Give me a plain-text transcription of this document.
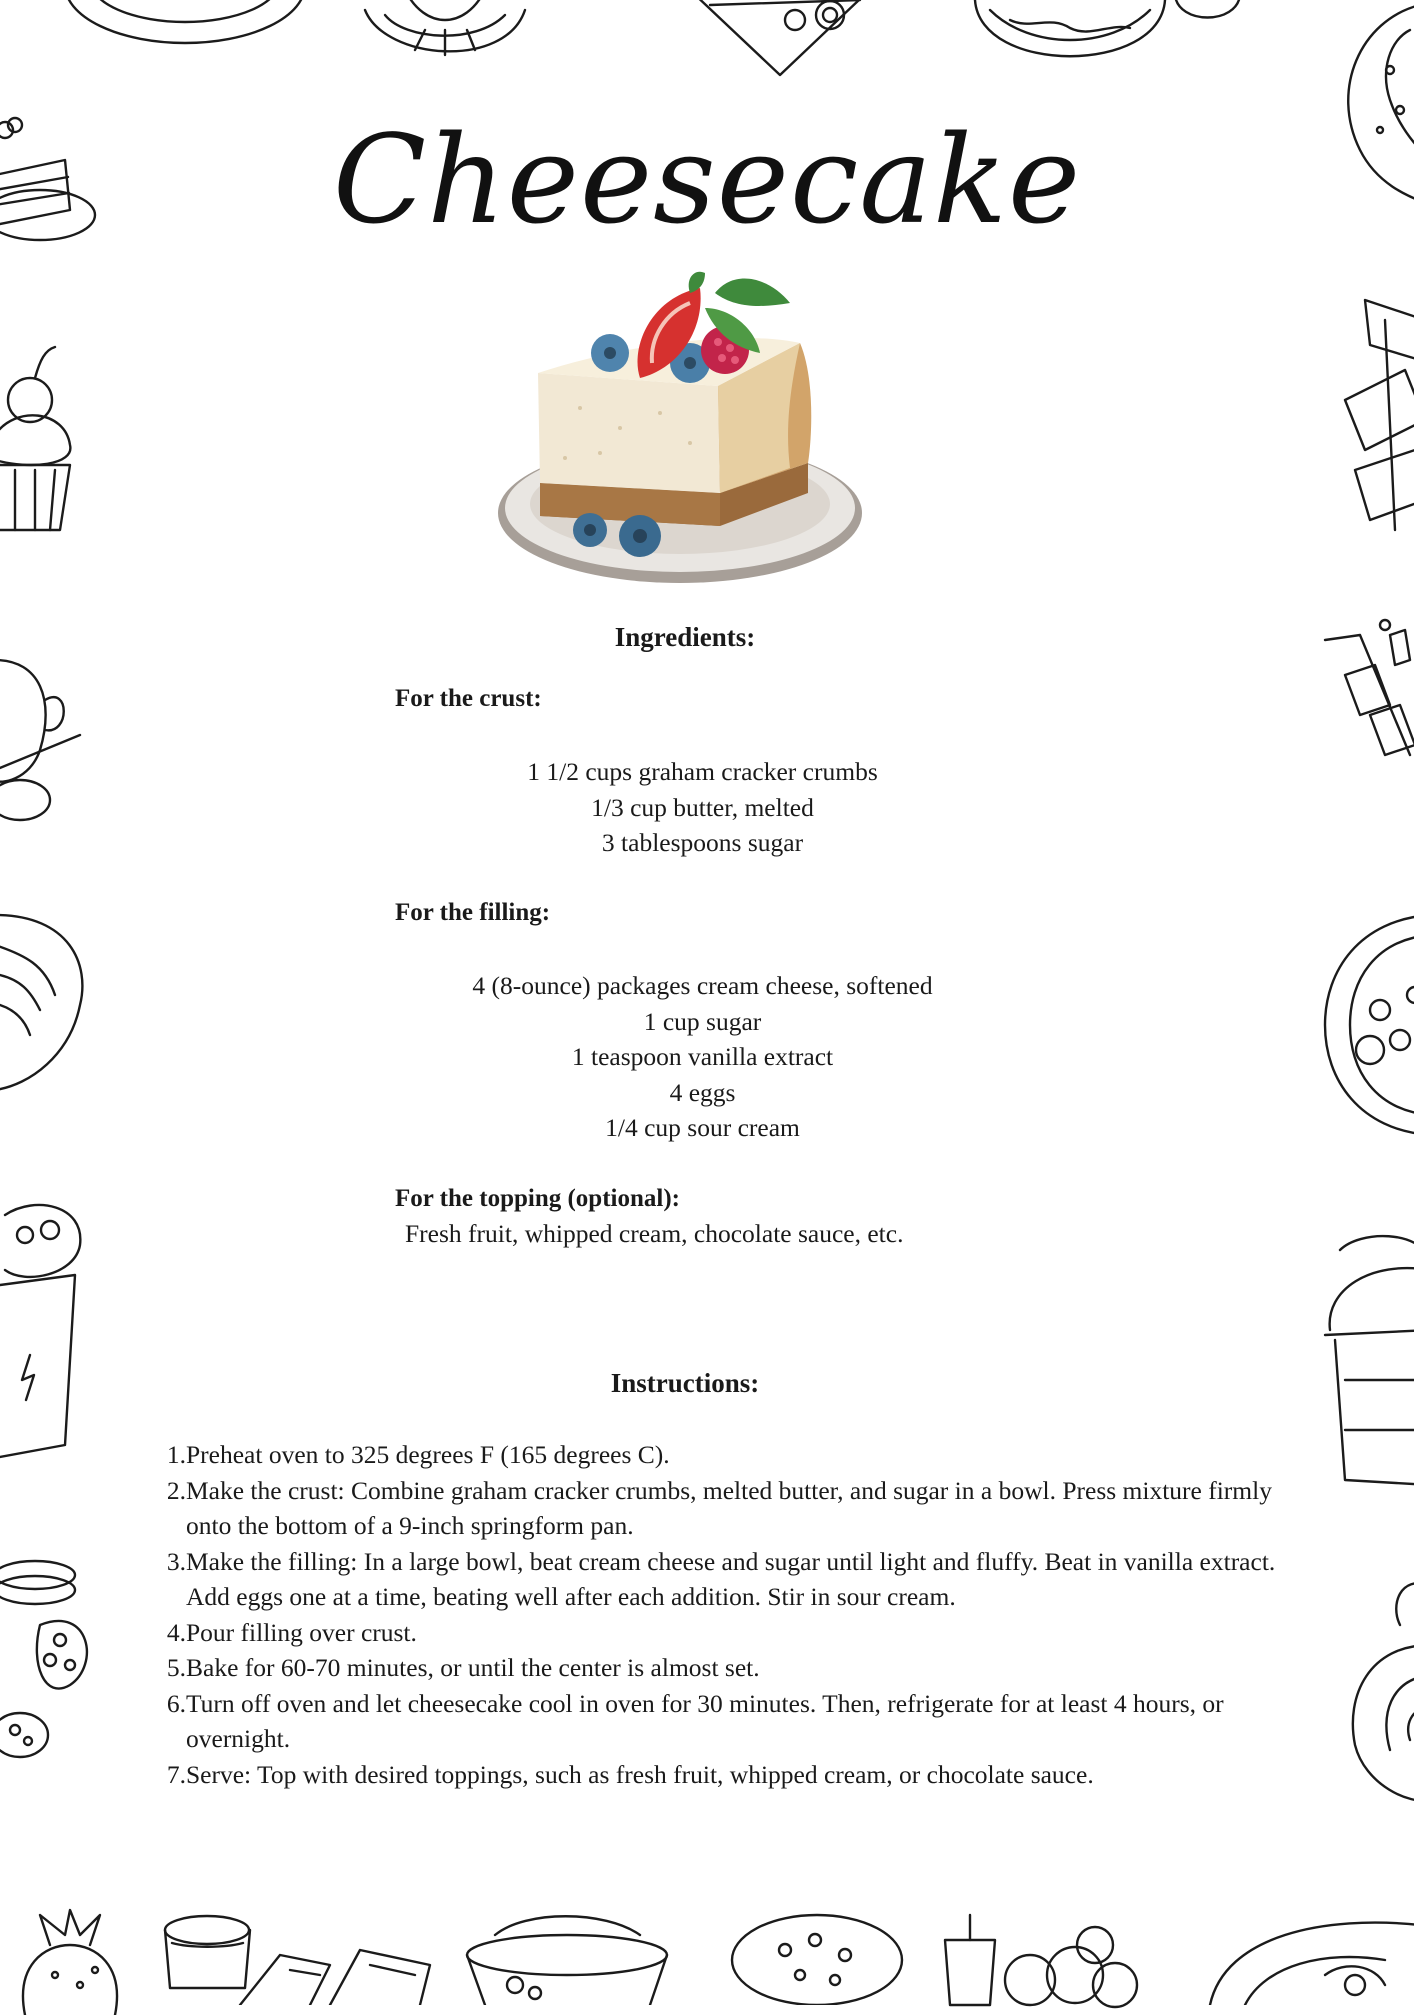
Cheesecake
Ingredients:
For the crust:
1 1/2 cups graham cracker crumbs
1/3 cup butter, melted
3 tablespoons sugar
For the filling:
4 (8-ounce) packages cream cheese, softened
1 cup sugar
1 teaspoon vanilla extract
4 eggs
1/4 cup sour cream
For the topping (optional):

Fresh fruit, whipped cream, chocolate sauce, etc.

Instructions:
1. Preheat oven to 325 degrees F (165 degrees C).
2. Make the crust: Combine graham cracker crumbs, melted butter, and sugar in a bowl. Press mixture firmly onto the bottom of a 9-inch springform pan.
3. Make the filling: In a large bowl, beat cream cheese and sugar until light and fluffy. Beat in vanilla extract. Add eggs one at a time, beating well after each addition. Stir in sour cream.
4. Pour filling over crust.
5. Bake for 60-70 minutes, or until the center is almost set.
6. Turn off oven and let cheesecake cool in oven for 30 minutes. Then, refrigerate for at least 4 hours, or overnight.
7. Serve: Top with desired toppings, such as fresh fruit, whipped cream, or chocolate sauce.
